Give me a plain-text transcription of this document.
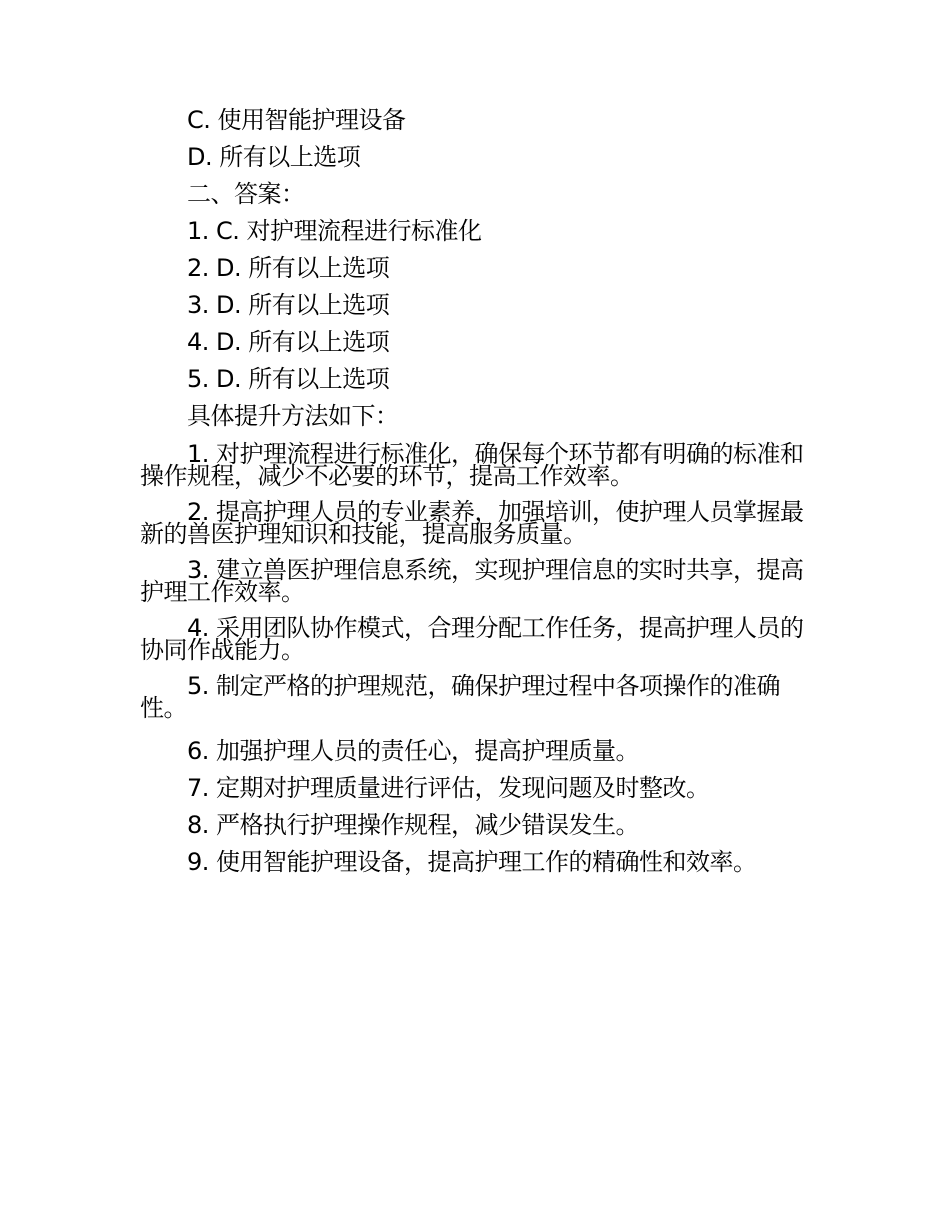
C. 使用智能护理设备
D. 所有以上选项
二、答案：
1. C. 对护理流程进行标准化
2. D. 所有以上选项
3. D. 所有以上选项
4. D. 所有以上选项
5. D. 所有以上选项
具体提升方法如下：
1. 对护理流程进行标准化，确保每个环节都有明确的标准和操作规程，减少不必要的环节，提高工作效率。
2. 提高护理人员的专业素养，加强培训，使护理人员掌握最新的兽医护理知识和技能，提高服务质量。
3. 建立兽医护理信息系统，实现护理信息的实时共享，提高护理工作效率。
4. 采用团队协作模式，合理分配工作任务，提高护理人员的协同作战能力。
5. 制定严格的护理规范，确保护理过程中各项操作的准确性。
6. 加强护理人员的责任心，提高护理质量。
7. 定期对护理质量进行评估，发现问题及时整改。
8. 严格执行护理操作规程，减少错误发生。
9. 使用智能护理设备，提高护理工作的精确性和效率。
